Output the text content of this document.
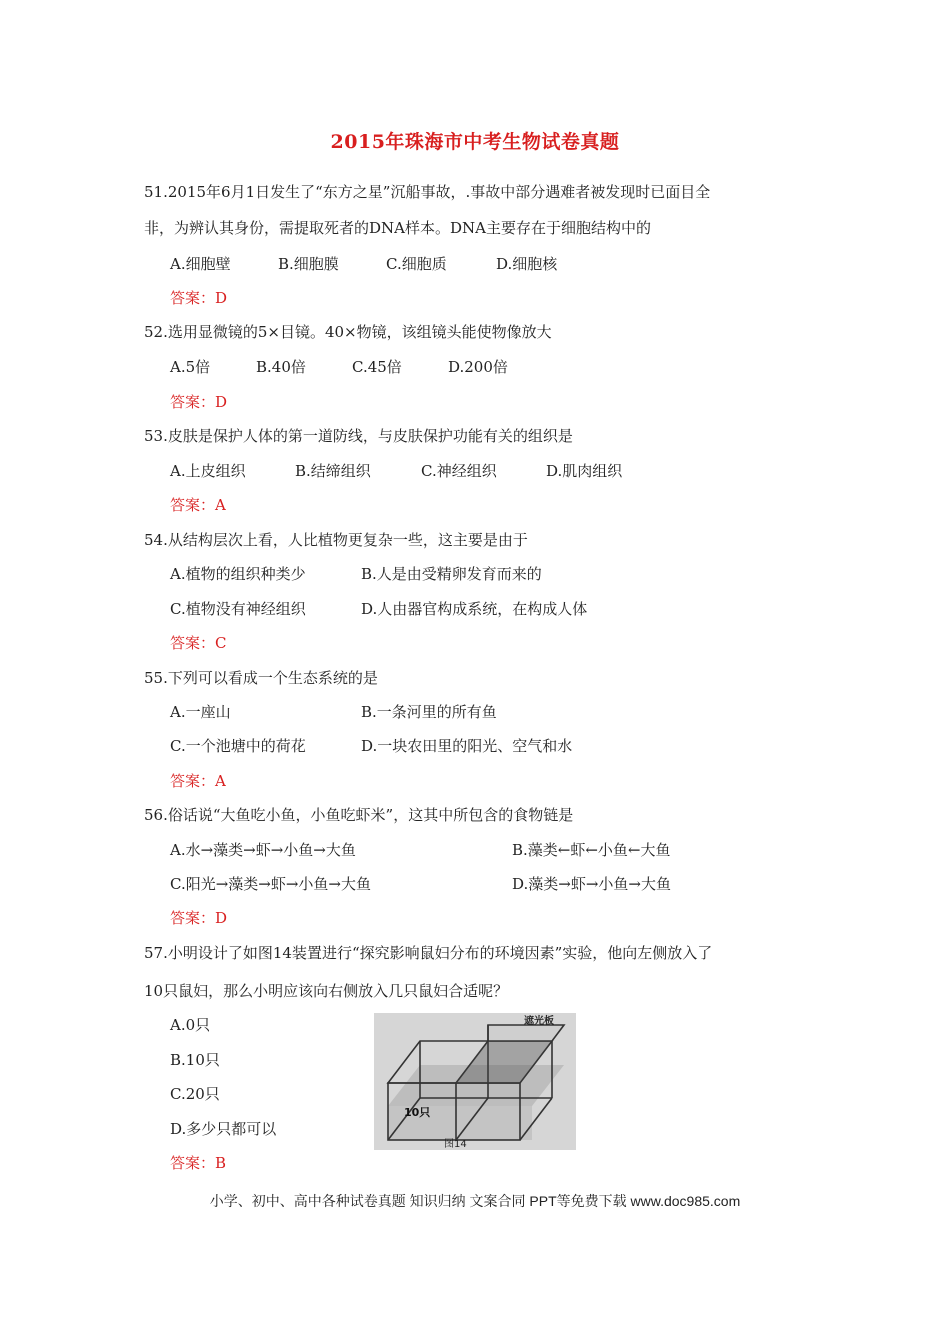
2015年珠海市中考生物试卷真题
51.2015年6月1日发生了“东方之星”沉船事故，.事故中部分遇难者被发现时已面目全
非，为辨认其身份，需提取死者的DNA样本。DNA主要存在于细胞结构中的
A.细胞壁	B.细胞膜	C.细胞质	D.细胞核
答案：D
52.选用显微镜的5×目镜。40×物镜，该组镜头能使物像放大
A.5倍	B.40倍	C.45倍	D.200倍
答案：D
53.皮肤是保护人体的第一道防线，与皮肤保护功能有关的组织是
A.上皮组织	B.结缔组织	C.神经组织	D.肌肉组织
答案：A
54.从结构层次上看，人比植物更复杂一些，这主要是由于
A.植物的组织种类少	B.人是由受精卵发育而来的
C.植物没有神经组织	D.人由器官构成系统，在构成人体
答案：C
55.下列可以看成一个生态系统的是
A.一座山	B.一条河里的所有鱼
C.一个池塘中的荷花	D.一块农田里的阳光、空气和水
答案：A
56.俗话说“大鱼吃小鱼，小鱼吃虾米”，这其中所包含的食物链是
A.水→藻类→虾→小鱼→大鱼	B.藻类←虾←小鱼←大鱼
C.阳光→藻类→虾→小鱼→大鱼	D.藻类→虾→小鱼→大鱼
答案：D
57.小明设计了如图14装置进行“探究影响鼠妇分布的环境因素”实验，他向左侧放入了
10只鼠妇，那么小明应该向右侧放入几只鼠妇合适呢？
A.0只
B.10只
C.20只
D.多少只都可以
答案：B
遮光板
10只
图14
小学、初中、高中各种试卷真题 知识归纳 文案合同 PPT等免费下载 www.doc985.com
